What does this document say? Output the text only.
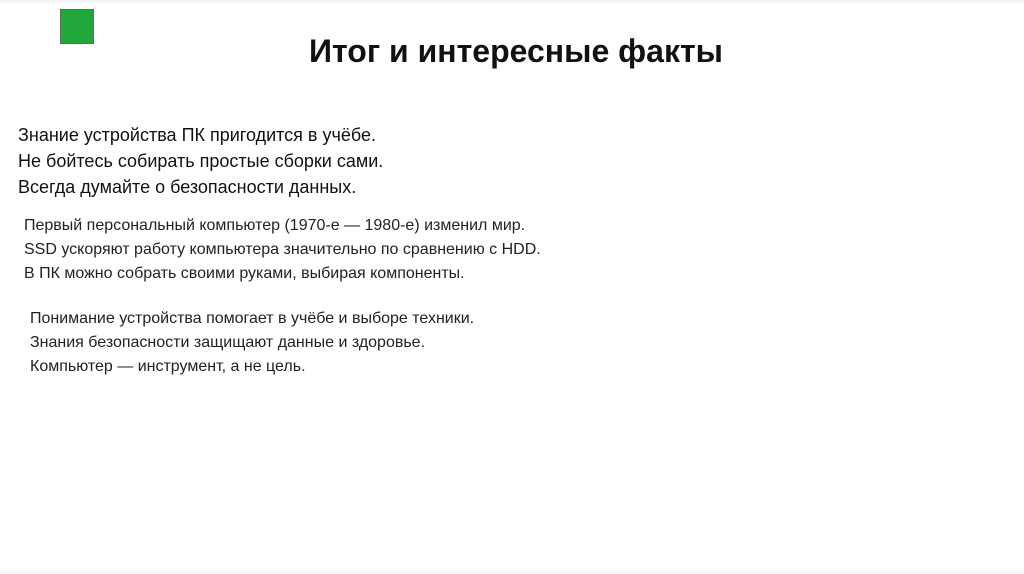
Итог и интересные факты
Знание устройства ПК пригодится в учёбе.
Не бойтесь собирать простые сборки сами.
Всегда думайте о безопасности данных.
Первый персональный компьютер (1970-е — 1980-е) изменил мир.
SSD ускоряют работу компьютера значительно по сравнению с HDD.
В ПК можно собрать своими руками, выбирая компоненты.
Понимание устройства помогает в учёбе и выборе техники.
Знания безопасности защищают данные и здоровье.
Компьютер — инструмент, а не цель.
